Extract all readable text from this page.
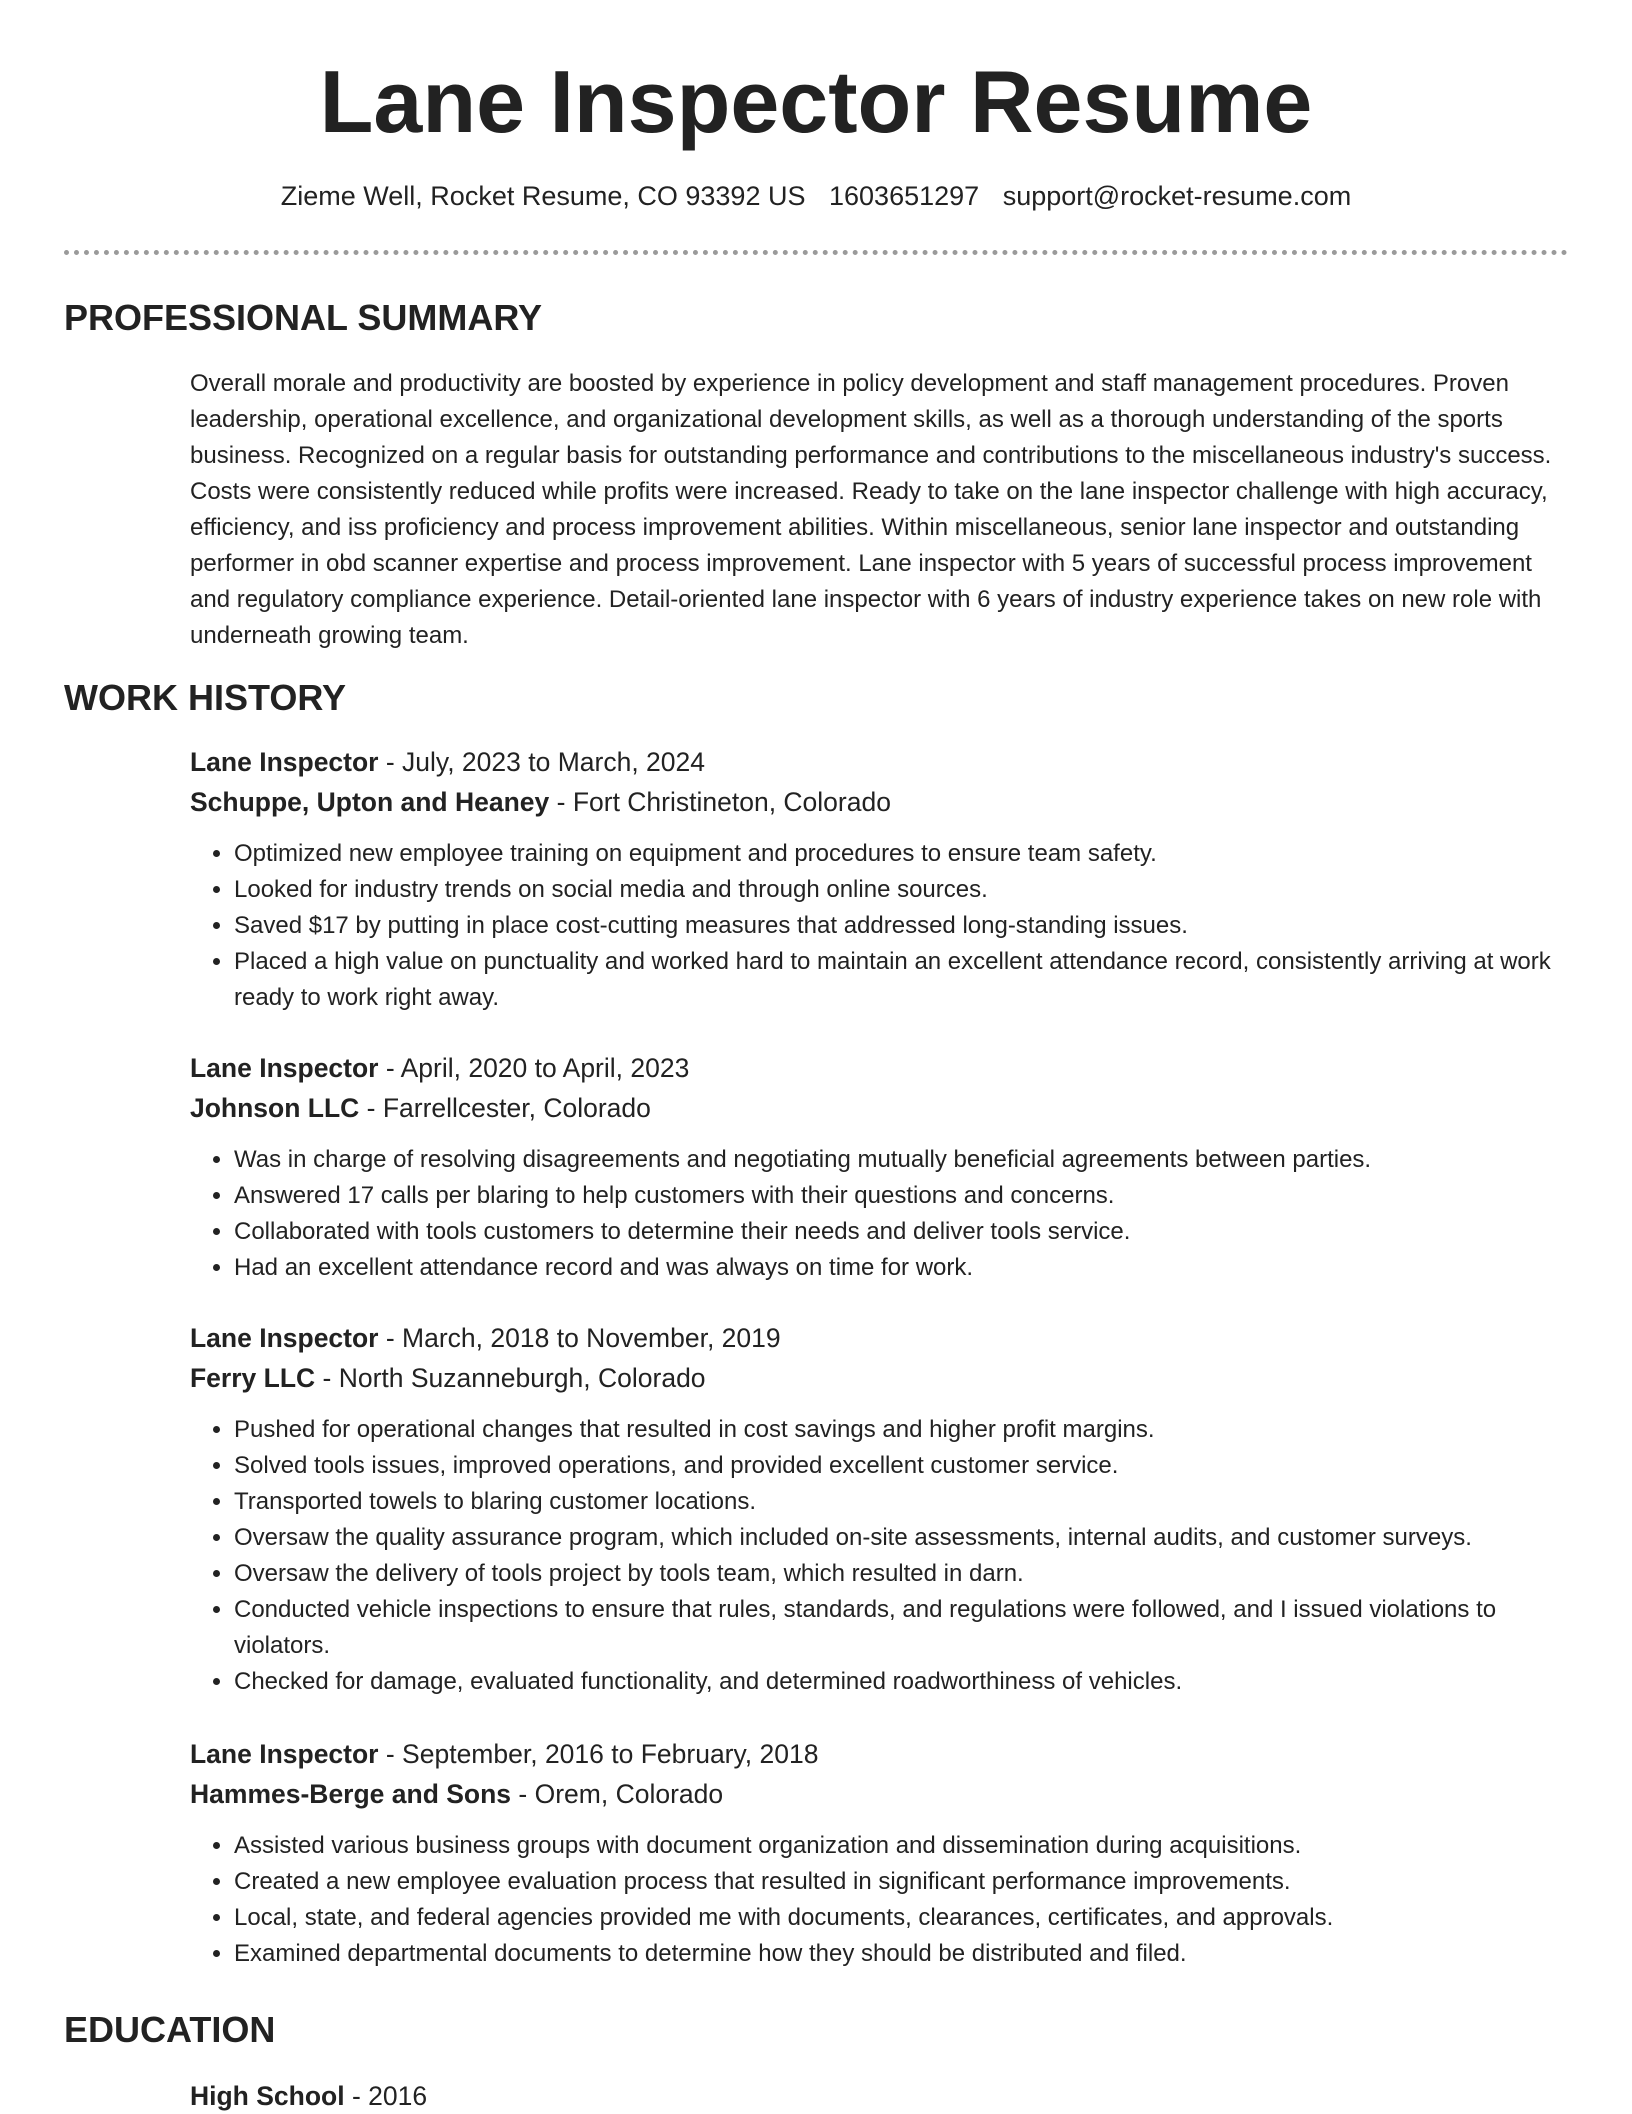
Lane Inspector Resume
Zieme Well, Rocket Resume, CO 93392 US 1603651297 support@rocket-resume.com
PROFESSIONAL SUMMARY

Overall morale and productivity are boosted by experience in policy development and staff management procedures. Proven leadership, operational excellence, and organizational development skills, as well as a thorough understanding of the sports business. Recognized on a regular basis for outstanding performance and contributions to the miscellaneous industry's success. Costs were consistently reduced while profits were increased. Ready to take on the lane inspector challenge with high accuracy, efficiency, and iss proficiency and process improvement abilities. Within miscellaneous, senior lane inspector and outstanding performer in obd scanner expertise and process improvement. Lane inspector with 5 years of successful process improvement and regulatory compliance experience. Detail-oriented lane inspector with 6 years of industry experience takes on new role with underneath growing team.

WORK HISTORY
Lane Inspector - July, 2023 to March, 2024
Schuppe, Upton and Heaney - Fort Christineton, Colorado
• Optimized new employee training on equipment and procedures to ensure team safety.
• Looked for industry trends on social media and through online sources.
• Saved $17 by putting in place cost-cutting measures that addressed long-standing issues.
• Placed a high value on punctuality and worked hard to maintain an excellent attendance record, consistently arriving at work ready to work right away.
Lane Inspector - April, 2020 to April, 2023
Johnson LLC - Farrellcester, Colorado
• Was in charge of resolving disagreements and negotiating mutually beneficial agreements between parties.
• Answered 17 calls per blaring to help customers with their questions and concerns.
• Collaborated with tools customers to determine their needs and deliver tools service.
• Had an excellent attendance record and was always on time for work.
Lane Inspector - March, 2018 to November, 2019
Ferry LLC - North Suzanneburgh, Colorado
• Pushed for operational changes that resulted in cost savings and higher profit margins.
• Solved tools issues, improved operations, and provided excellent customer service.
• Transported towels to blaring customer locations.
• Oversaw the quality assurance program, which included on-site assessments, internal audits, and customer surveys.
• Oversaw the delivery of tools project by tools team, which resulted in darn.
• Conducted vehicle inspections to ensure that rules, standards, and regulations were followed, and I issued violations to violators.
• Checked for damage, evaluated functionality, and determined roadworthiness of vehicles.
Lane Inspector - September, 2016 to February, 2018
Hammes-Berge and Sons - Orem, Colorado
• Assisted various business groups with document organization and dissemination during acquisitions.
• Created a new employee evaluation process that resulted in significant performance improvements.
• Local, state, and federal agencies provided me with documents, clearances, certificates, and approvals.
• Examined departmental documents to determine how they should be distributed and filed.
EDUCATION
High School - 2016
